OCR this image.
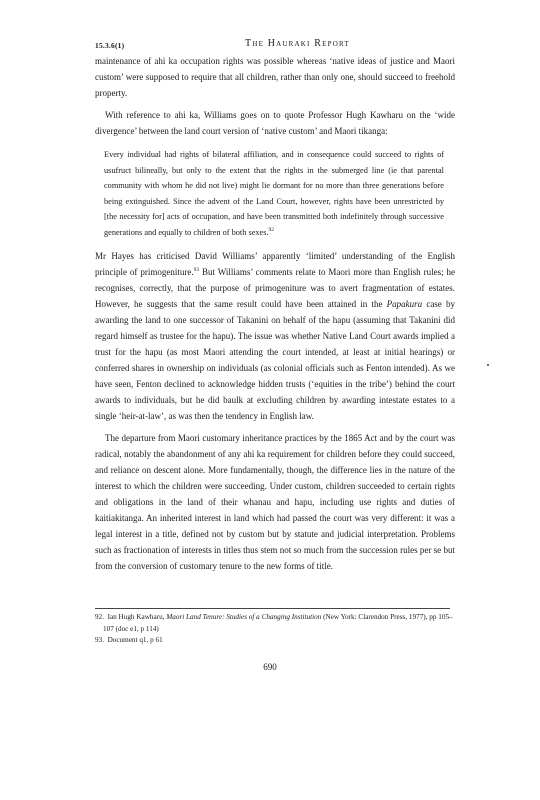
15.3.6(1)	The Hauraki Report

maintenance of ahi ka occupation rights was possible whereas ‘native ideas of justice and Maori custom’ were supposed to require that all children, rather than only one, should succeed to freehold property.

With reference to ahi ka, Williams goes on to quote Professor Hugh Kawharu on the ‘wide divergence’ between the land court version of ‘native custom’ and Maori tikanga:

Every individual had rights of bilateral affiliation, and in consequence could succeed to rights of usufruct bilineally, but only to the extent that the rights in the submerged line (ie that parental community with whom he did not live) might lie dormant for no more than three generations before being extinguished. Since the advent of the Land Court, however, rights have been unrestricted by [the necessity for] acts of occupation, and have been transmitted both indefinitely through successive generations and equally to children of both sexes.$^{92}$

Mr Hayes has criticised David Williams’ apparently ‘limited’ understanding of the English principle of primogeniture.$^{93}$ But Williams’ comments relate to Maori more than English rules; he recognises, correctly, that the purpose of primogeniture was to avert fragmentation of estates. However, he suggests that the same result could have been attained in the Papakura case by awarding the land to one successor of Takanini on behalf of the hapu (assuming that Takanini did regard himself as trustee for the hapu). The issue was whether Native Land Court awards implied a trust for the hapu (as most Maori attending the court intended, at least at initial hearings) or conferred shares in ownership on individuals (as colonial officials such as Fenton intended). As we have seen, Fenton declined to acknowledge hidden trusts (‘equities in the tribe’) behind the court awards to individuals, but he did baulk at excluding children by awarding intestate estates to a single ‘heir-at-law’, as was then the tendency in English law.

The departure from Maori customary inheritance practices by the 1865 Act and by the court was radical, notably the abandonment of any ahi ka requirement for children before they could succeed, and reliance on descent alone. More fundamentally, though, the difference lies in the nature of the interest to which the children were succeeding. Under custom, children succeeded to certain rights and obligations in the land of their whanau and hapu, including use rights and duties of kaitiakitanga. An inherited interest in land which had passed the court was very different: it was a legal interest in a title, defined not by custom but by statute and judicial interpretation. Problems such as fractionation of interests in titles thus stem not so much from the succession rules per se but from the conversion of customary tenure to the new forms of title.

92. Ian Hugh Kawharu, Maori Land Tenure: Studies of a Changing Institution (New York: Clarendon Press, 1977), pp 105–107 (doc e1, p 114)

93. Document q1, p 61

690
